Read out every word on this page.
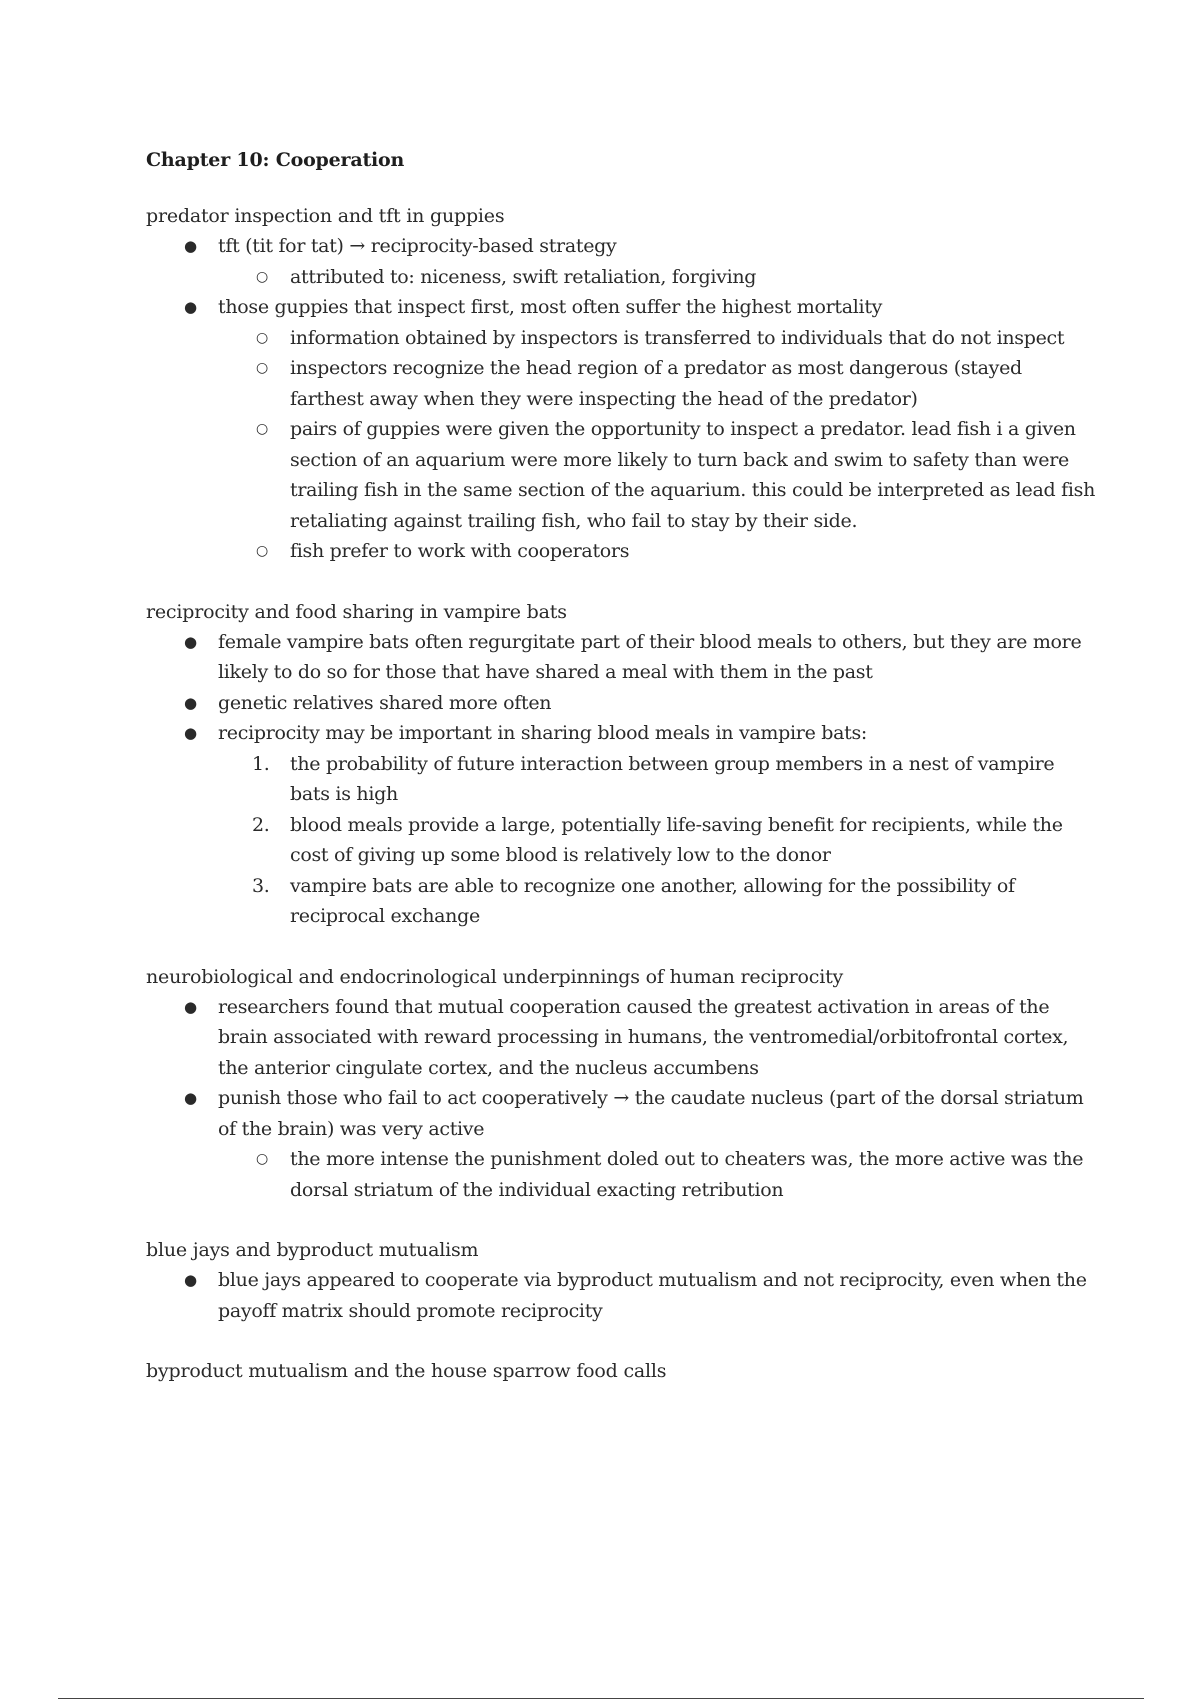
Chapter 10: Cooperation
predator inspection and tft in guppies
● tft (tit for tat) → reciprocity-based strategy
○ attributed to: niceness, swift retaliation, forgiving
● those guppies that inspect first, most often suffer the highest mortality
○ information obtained by inspectors is transferred to individuals that do not inspect
○ inspectors recognize the head region of a predator as most dangerous (stayed farthest away when they were inspecting the head of the predator)
○ pairs of guppies were given the opportunity to inspect a predator. lead fish i a given section of an aquarium were more likely to turn back and swim to safety than were trailing fish in the same section of the aquarium. this could be interpreted as lead fish retaliating against trailing fish, who fail to stay by their side.
○ fish prefer to work with cooperators
reciprocity and food sharing in vampire bats
● female vampire bats often regurgitate part of their blood meals to others, but they are more likely to do so for those that have shared a meal with them in the past
● genetic relatives shared more often
● reciprocity may be important in sharing blood meals in vampire bats:
1. the probability of future interaction between group members in a nest of vampire bats is high
2. blood meals provide a large, potentially life-saving benefit for recipients, while the cost of giving up some blood is relatively low to the donor
3. vampire bats are able to recognize one another, allowing for the possibility of reciprocal exchange
neurobiological and endocrinological underpinnings of human reciprocity
● researchers found that mutual cooperation caused the greatest activation in areas of the brain associated with reward processing in humans, the ventromedial/orbitofrontal cortex, the anterior cingulate cortex, and the nucleus accumbens
● punish those who fail to act cooperatively → the caudate nucleus (part of the dorsal striatum of the brain) was very active
○ the more intense the punishment doled out to cheaters was, the more active was the dorsal striatum of the individual exacting retribution
blue jays and byproduct mutualism
● blue jays appeared to cooperate via byproduct mutualism and not reciprocity, even when the payoff matrix should promote reciprocity
byproduct mutualism and the house sparrow food calls
